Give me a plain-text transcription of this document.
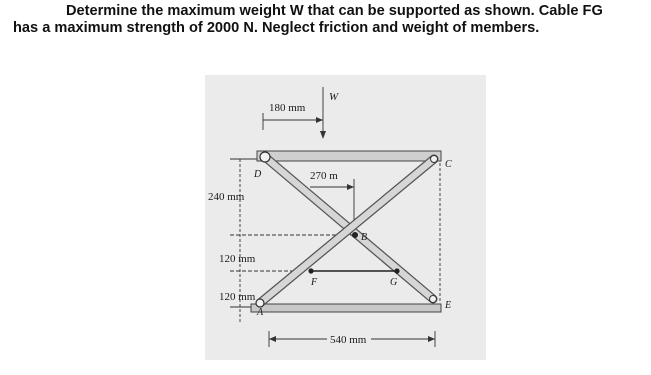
Determine the maximum weight W that can be supported as shown. Cable FG
has a maximum strength of 2000 N. Neglect friction and weight of members.
W
180 mm
270 m
240 mm
120 mm
120 mm
540 mm
D
B
F	G
C
E
A
